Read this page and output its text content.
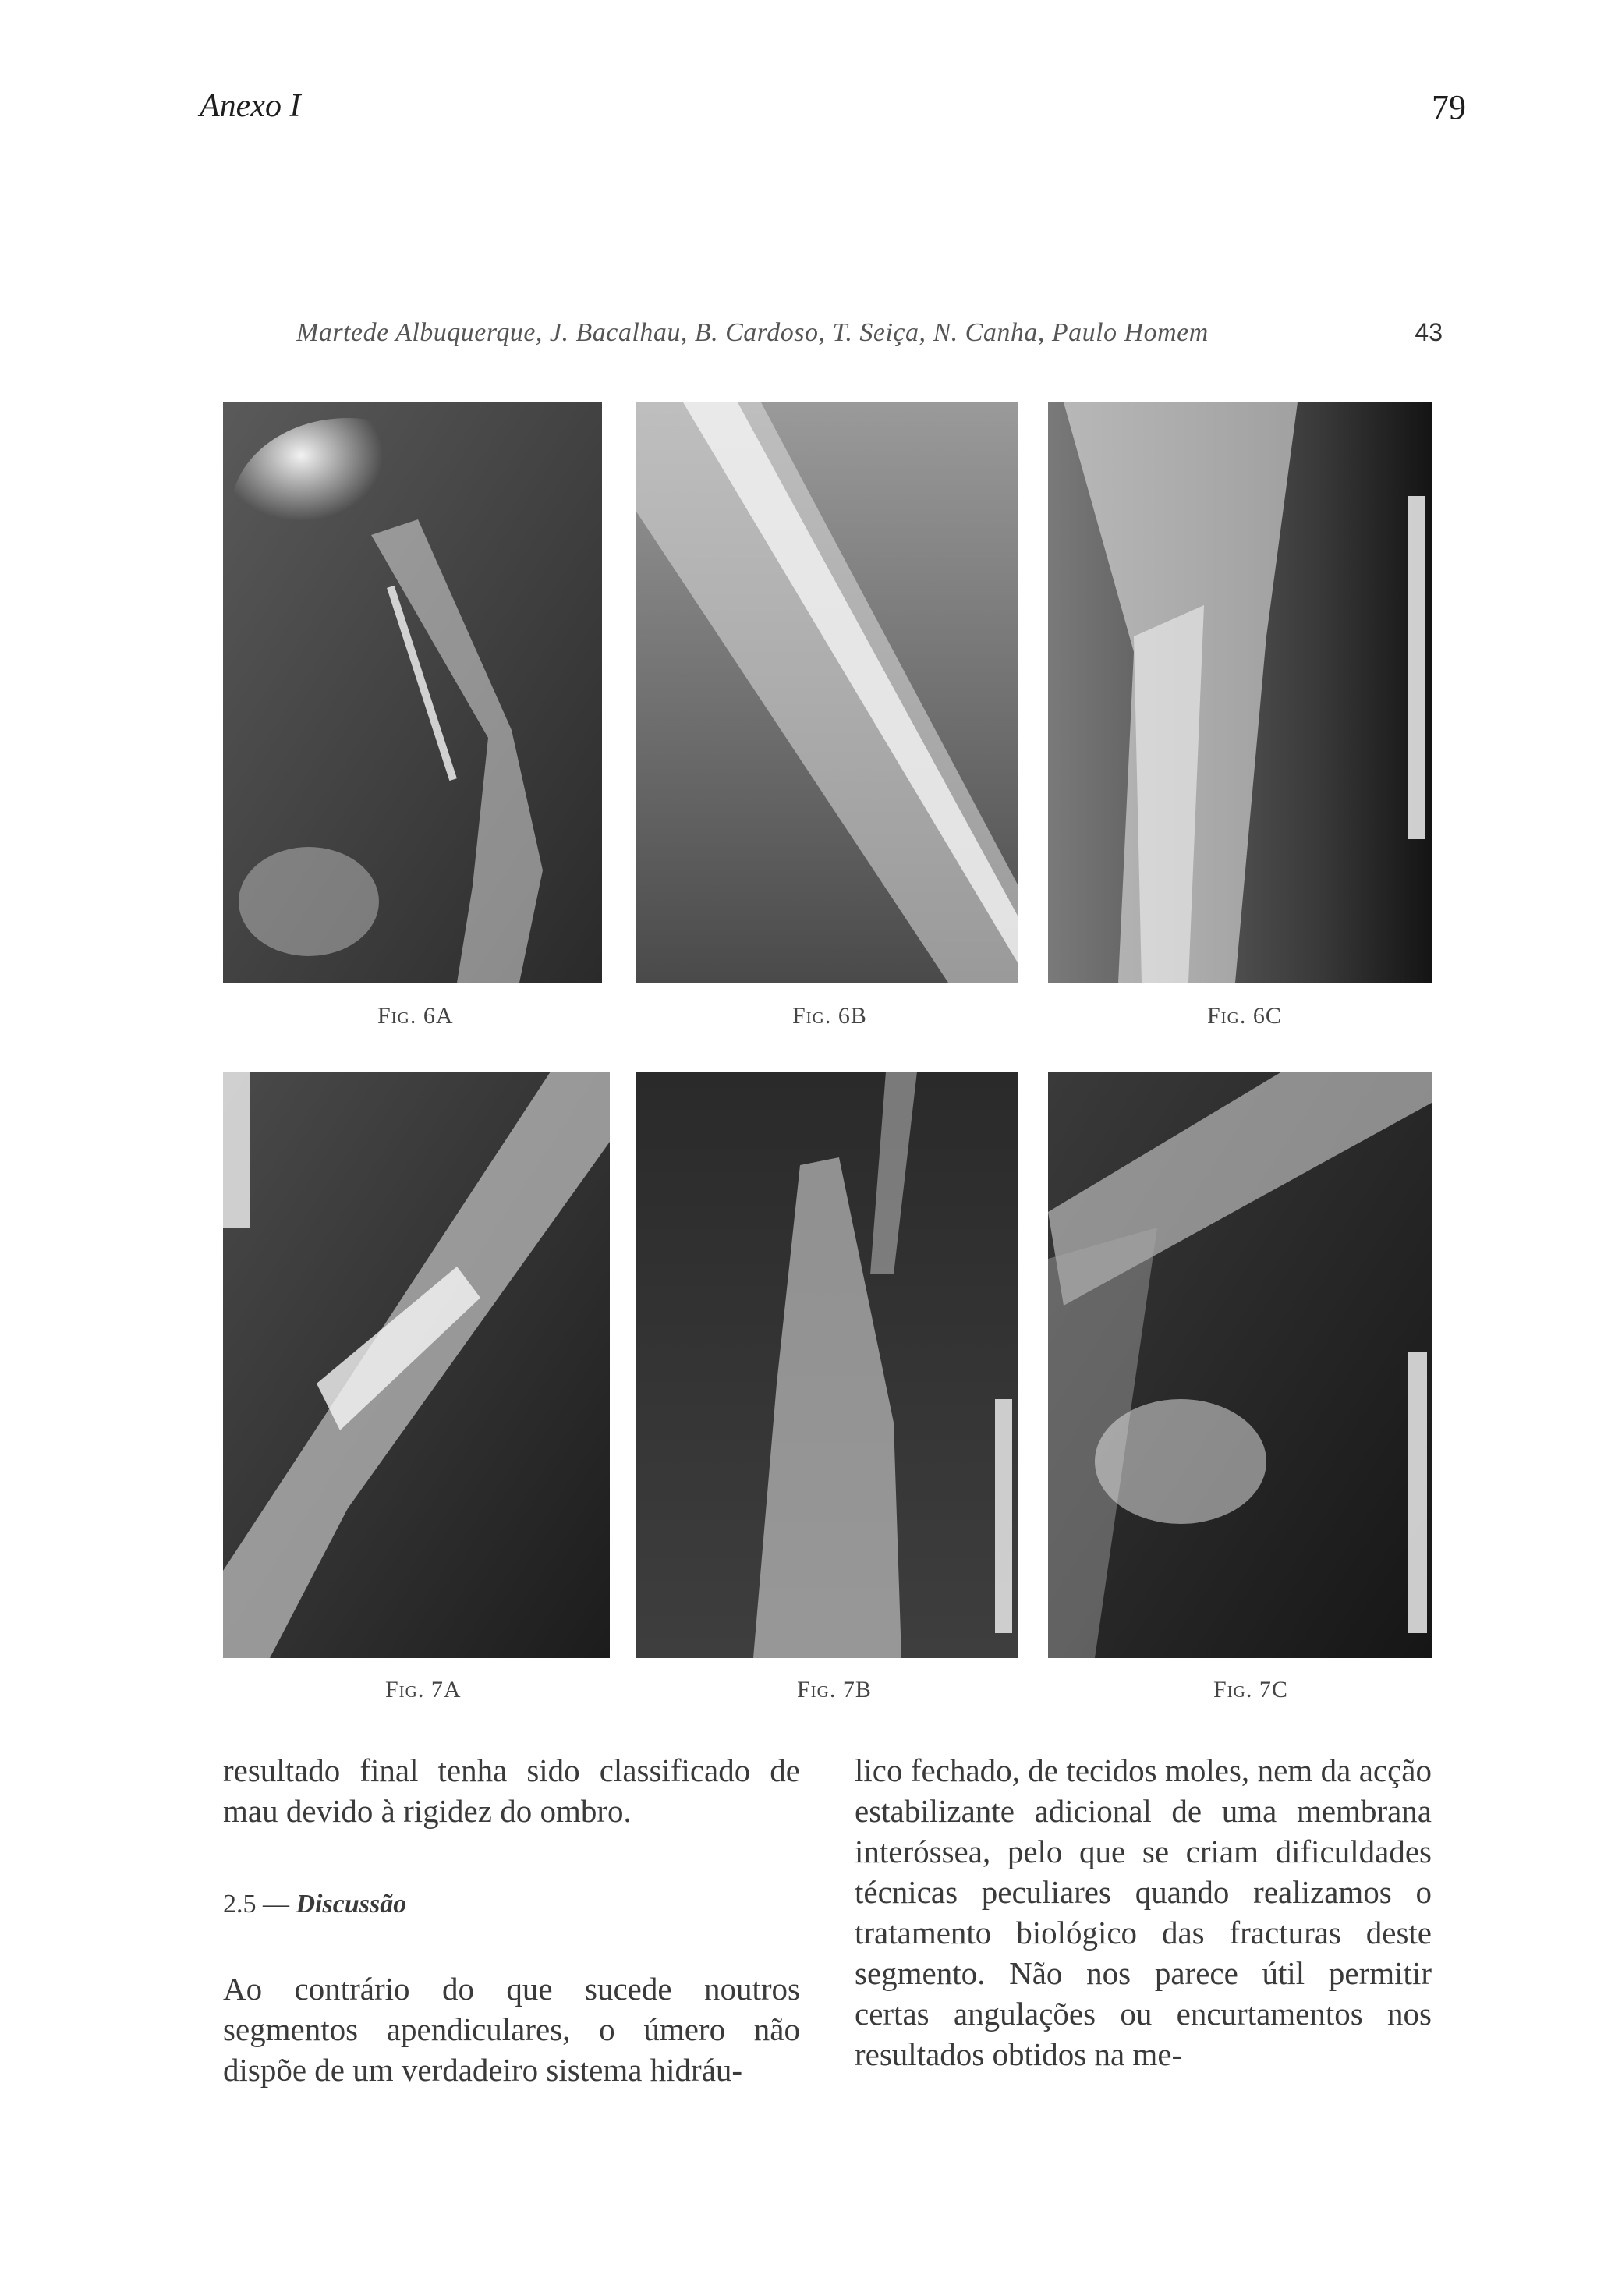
Anexo I	79
Martede Albuquerque, J. Bacalhau, B. Cardoso, T. Seiça, N. Canha, Paulo Homem	43
Fig. 6A	Fig. 6B	Fig. 6C
Fig. 7A	Fig. 7B	Fig. 7C

resultado final tenha sido classificado de mau devido à rigidez do ombro.

2.5 — Discussão

Ao contrário do que sucede noutros segmentos apendiculares, o úmero não dispõe de um verdadeiro sistema hidráu-

lico fechado, de tecidos moles, nem da acção estabilizante adicional de uma membrana interóssea, pelo que se criam dificuldades técnicas peculiares quando realizamos o tratamento biológico das fracturas deste segmento. Não nos parece útil permitir certas angulações ou encurtamentos nos resultados obtidos na me-
